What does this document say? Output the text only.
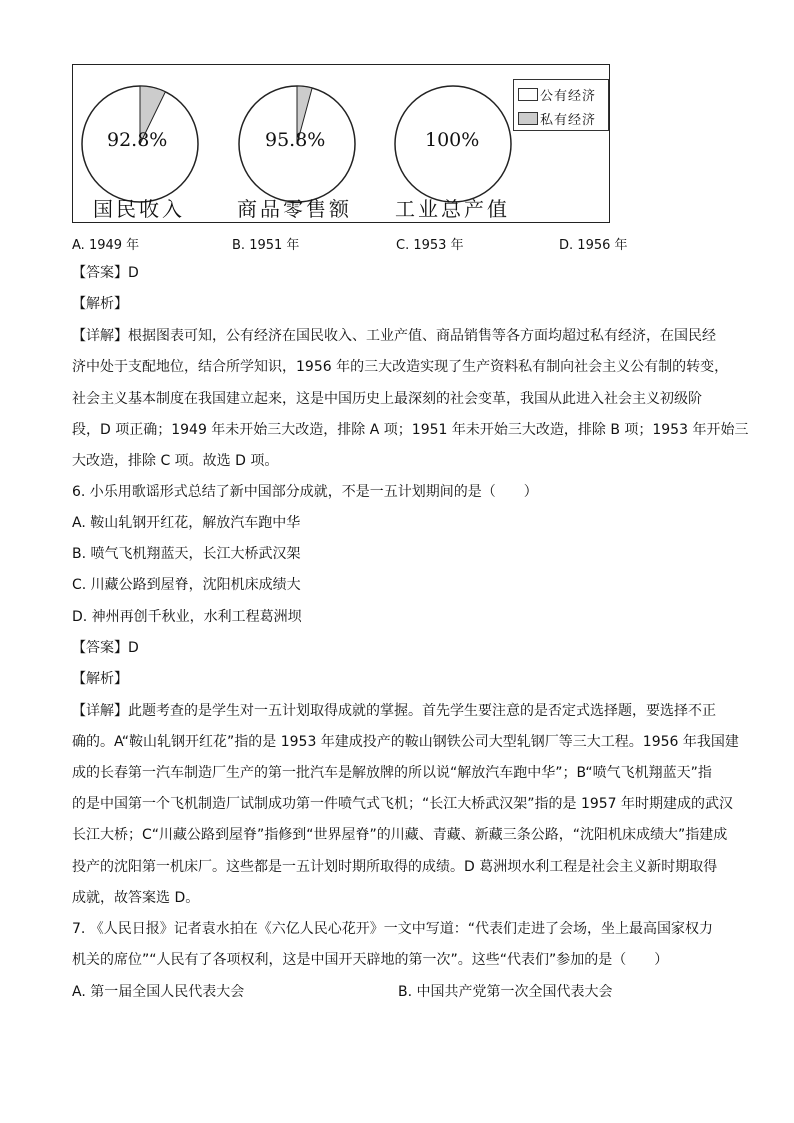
92.8%	95.8%	100%
国民收入	商品零售额 工业总产值
公有经济
私有经济
A. 1949 年	B. 1951 年	C. 1953 年	D. 1956 年
【答案】D
【解析】
【详解】根据图表可知，公有经济在国民收入、工业产值、商品销售等各方面均超过私有经济，在国民经
济中处于支配地位，结合所学知识，1956 年的三大改造实现了生产资料私有制向社会主义公有制的转变，
社会主义基本制度在我国建立起来，这是中国历史上最深刻的社会变革，我国从此进入社会主义初级阶
段，D 项正确；1949 年未开始三大改造，排除 A 项；1951 年未开始三大改造，排除 B 项；1953 年开始三
大改造，排除 C 项。故选 D 项。
6. 小乐用歌谣形式总结了新中国部分成就，不是一五计划期间的是（　　）
A. 鞍山轧钢开红花，解放汽车跑中华
B. 喷气飞机翔蓝天，长江大桥武汉架
C. 川藏公路到屋脊，沈阳机床成绩大
D. 神州再创千秋业，水利工程葛洲坝
【答案】D
【解析】
【详解】此题考查的是学生对一五计划取得成就的掌握。首先学生要注意的是否定式选择题，要选择不正
确的。A“鞍山轧钢开红花”指的是 1953 年建成投产的鞍山钢铁公司大型轧钢厂等三大工程。1956 年我国建
成的长春第一汽车制造厂生产的第一批汽车是解放牌的所以说“解放汽车跑中华”；B“喷气飞机翔蓝天”指
的是中国第一个飞机制造厂试制成功第一件喷气式飞机；“长江大桥武汉架”指的是 1957 年时期建成的武汉
长江大桥；C“川藏公路到屋脊”指修到“世界屋脊”的川藏、青藏、新藏三条公路，“沈阳机床成绩大”指建成
投产的沈阳第一机床厂。这些都是一五计划时期所取得的成绩。D 葛洲坝水利工程是社会主义新时期取得
成就，故答案选 D。
7. 《人民日报》记者袁水拍在《六亿人民心花开》一文中写道：“代表们走进了会场，坐上最高国家权力
机关的席位”“人民有了各项权利，这是中国开天辟地的第一次”。这些“代表们”参加的是（　　）
A. 第一届全国人民代表大会	B. 中国共产党第一次全国代表大会
